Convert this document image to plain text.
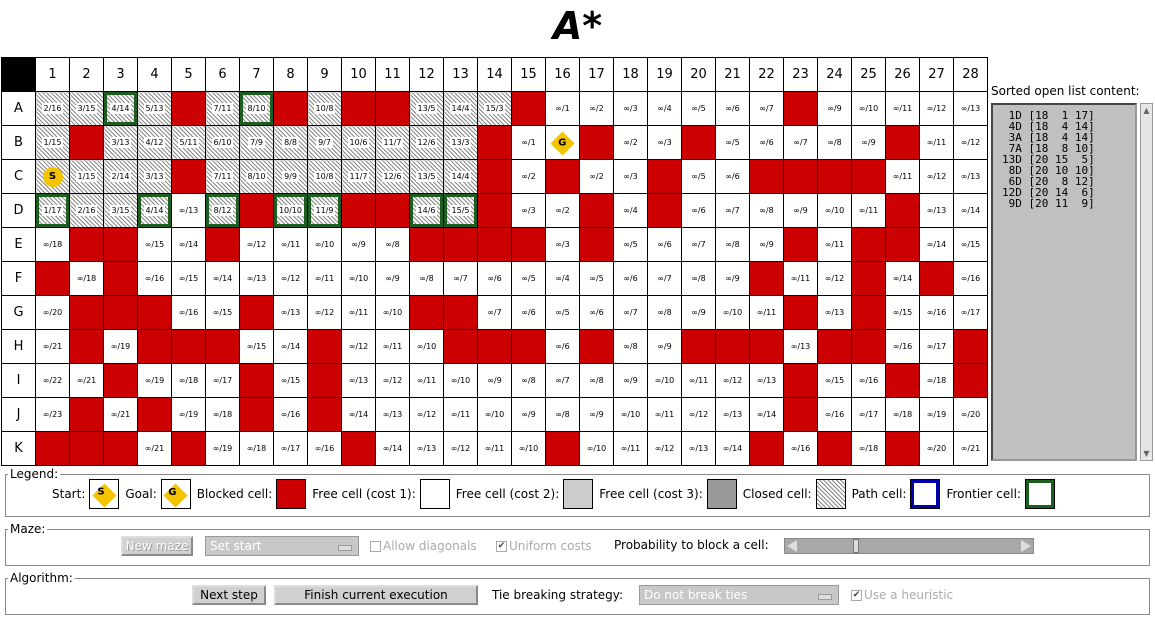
A*
	1	2	3	4	5	6	7	8	9	10	11	12	13	14	15	16	17	18	19	20	21	22	23	24	25	26	27	28
A	2/16	3/15	4/14	5/13		7/11	8/10		10/8			13/5	14/4	15/3		∞/1	∞/2	∞/3	∞/4	∞/5	∞/6	∞/7		∞/9	∞/10	∞/11	∞/12	∞/13
B	1/15		3/13	4/12	5/11	6/10	7/9	8/8	9/7	10/6	11/7	12/6	13/3		∞/1	G		∞/2	∞/3		∞/5	∞/6	∞/7	∞/8	∞/9		∞/11	∞/12
C	S	1/15	2/14	3/13		7/11	8/10	9/9	10/8	11/7	12/6	13/5	14/4		∞/2		∞/2	∞/3		∞/5	∞/6					∞/11	∞/12	∞/13
D	1/17	2/16	3/15	4/14	∞/13	8/12		10/10	11/9			14/6	15/5		∞/3	∞/2		∞/4		∞/6	∞/7	∞/8	∞/9	∞/10	∞/11		∞/13	∞/14
E	∞/18			∞/15	∞/14		∞/12	∞/11	∞/10	∞/9	∞/8					∞/3		∞/5	∞/6	∞/7	∞/8	∞/9		∞/11			∞/14	∞/15
F		∞/18		∞/16	∞/15	∞/14	∞/13	∞/12	∞/11	∞/10	∞/9	∞/8	∞/7	∞/6	∞/5	∞/4	∞/5	∞/6	∞/7	∞/8	∞/9		∞/11	∞/12		∞/14		∞/16
G	∞/20				∞/16	∞/15		∞/13	∞/12	∞/11	∞/10			∞/7	∞/6	∞/5	∞/6	∞/7	∞/8	∞/9	∞/10	∞/11		∞/13		∞/15	∞/16	∞/17
H	∞/21		∞/19				∞/15	∞/14		∞/12	∞/11	∞/10				∞/6		∞/8	∞/9				∞/13			∞/16	∞/17	
I	∞/22	∞/21		∞/19	∞/18	∞/17		∞/15		∞/13	∞/12	∞/11	∞/10	∞/9	∞/8	∞/7	∞/8	∞/9	∞/10	∞/11	∞/12	∞/13		∞/15	∞/16		∞/18	
J	∞/23		∞/21		∞/19	∞/18		∞/16		∞/14	∞/13	∞/12	∞/11	∞/10	∞/9	∞/8	∞/9	∞/10	∞/11	∞/12	∞/13	∞/14		∞/16	∞/17	∞/18	∞/19	∞/20
K				∞/21		∞/19	∞/18	∞/17	∞/16		∞/14	∞/13	∞/12	∞/11	∞/10		∞/10	∞/11	∞/12	∞/13	∞/14		∞/16		∞/18		∞/20	∞/21
Sorted open list content:
1D [18  1 17]
4D [18  4 14]
3A [18  4 14]
7A [18  8 10]
13D [20 15  5]
8D [20 10 10]
6D [20  8 12]
12D [20 14  6]
9D [20 11  9]
▲
▼
Legend:
Start:	S	Goal:	G	Blocked cell:	Free cell (cost 1):	Free cell (cost 2):	Free cell (cost 3):	Closed cell:	Path cell:	Frontier cell:
Maze:
New maze	Set start	Allow diagonals ✔ Uniform costs Probability to block a cell:
Algorithm:
Next step	Finish current execution	Tie breaking strategy:	Do not break ties	✔ Use a heuristic
